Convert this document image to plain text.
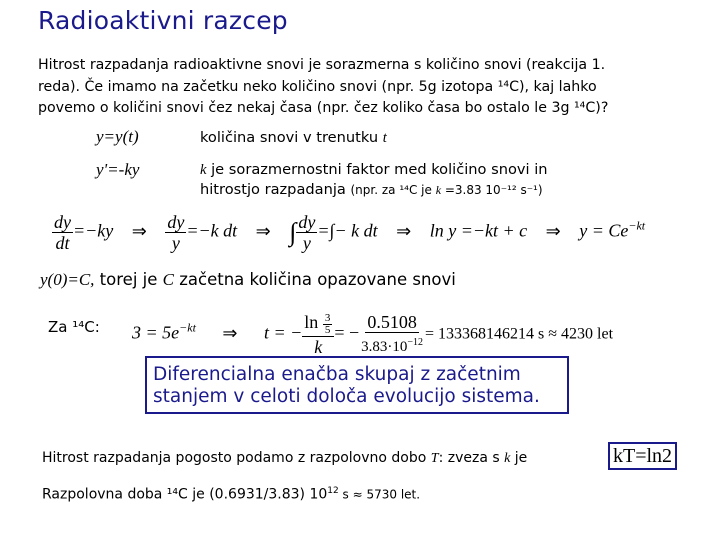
Radioaktivni razcep
Hitrost razpadanja radioaktivne snovi je sorazmerna s količino snovi (reakcija 1.
reda). Če imamo na začetku neko količino snovi (npr. 5g izotopa ¹⁴C), kaj lahko
povemo o količini snovi čez nekaj časa (npr. čez koliko časa bo ostalo le 3g ¹⁴C)?
y=y(t)	količina snovi v trenutku t
y'=-ky	k je sorazmernostni faktor med količino snovi in
hitrostjo razpadanja (npr. za ¹⁴C je k =3.83 10⁻¹² s⁻¹)
$\frac{dy}{dt} =-ky$ ⇒ $\frac{dy}{y} =-k$ dt ⇒ ∫ $\frac{dy}{y}$ =∫− k dt ⇒ ln y =−kt + c ⇒ $y = Ce^{-kt}$
y(0)=C, torej je C začetna količina opazovane snovi
Za ¹⁴C: $3 = 5e^{-kt}$ ⇒ t = − $\frac{\ln \frac{3}{5}}{k}$ = − $\frac{0.5108}{3.83\cdot 10^{-12}} = 133368146214$ s ≈ 4230 let
Diferencialna enačba skupaj z začetnim stanjem v celoti določa evolucijo sistema.
Hitrost razpadanja pogosto podamo z razpolovno dobo T: zveza s k je	kT=ln2
Razpolovna doba ¹⁴C je (0.6931/3.83) $10^{12}$ s ≈ 5730 let.
